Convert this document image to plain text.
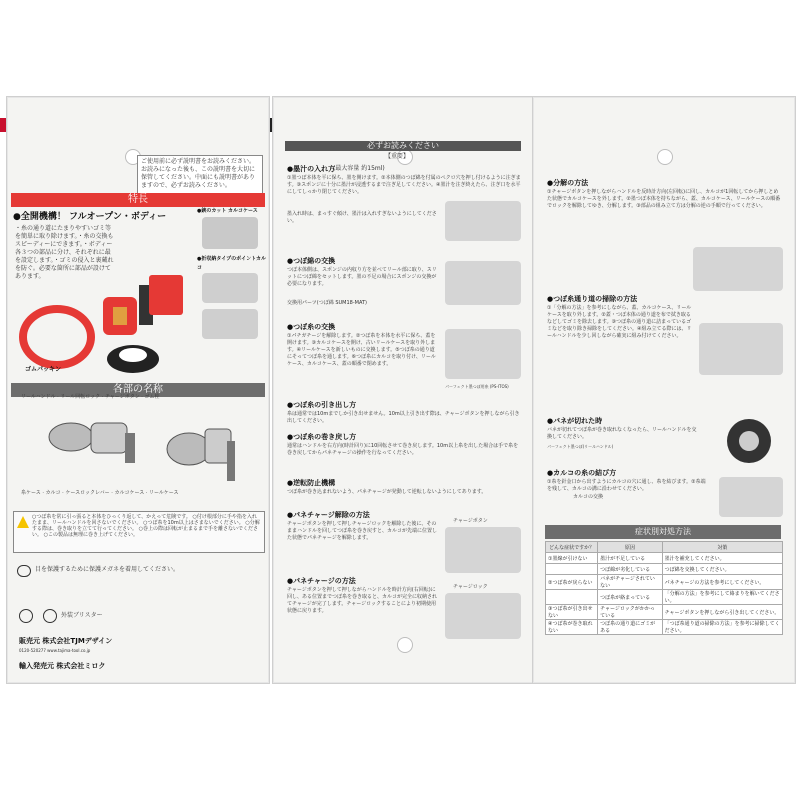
ご使用前に必ず説明書をお読みください。お読みになった後も、この説明書を大切に保管してください。中面にも説明書がありますので、必ずお読みください。
特長
●全開機構！ フルオープン・ボディー
・糸の通り道にたまりやすいゴミ等を簡単に取り除けます。・糸の交換もスピーディーにできます。・ボディー各３つの部品に分け、それぞれに最を設定します。・ゴミの侵入と裏蔵れを防ぐ。必要な箇所に部品が設けてあります。
●鋏のカット カルコケース
●折収納タイプのボイントカルコ
ゴムパッキン
各部の名称
リールハンドル · リール回転ロック · チャージボタン · ゴム栓
糸ケース · カルコ · ケースロックレバー · カルコケース · リールケース
○つぼ糸を常に引っ張ると本体をひっくり返して、かえって危険です。 ○付け根部分に手や指を入れたまま、リールハンドルを回さないでください。 ○つぼ糸を10m以上はさまないでください。 ○分解する際は、巻き取りを立てて行ってください。 ○巻上の際は回転が止まるまで手を離さないでください。 ○この製品は無理に巻き上げてください。
目を保護するために保護メガネを着用してください。
外装ブリスター
販売元 株式会社TJMデザイン
0120-520277 www.tajima-tool.co.jp
輸入発売元 株式会社ミロク
必ずお読みください
【重要】
●墨汁の入れ方
(最大容量 約15ml)
①墨つぼ本体を平に保ち、墨を開けます。②本体側のつぼ綿を付属のペクロ穴を押し付けるように注ぎます。③スポンジに十分に墨汁が浸透するまで注ぎ足してください。④墨汁を注ぎ終えたら、注ぎ口を水平にしてしっかり閉じてください。
墨入れ時は、まっすぐ傾け、墨汁は入れすぎないようにしてください。
●つぼ綿の交換
つぼ本体側は、スポンジの内収り方を並べてリール部に取り、スリットにつぼ綿をセットします。墨の不足の場合にスポンジの交換が必要になります。
交換用パーツ(つぼ綿 SUM18-MAT)
●つぼ糸の交換
①パチガチージを解除します。②つぼ糸を本体を水平に保ち、蓋を開けます。③カルコケースを開け、古いリールケースを取り外します。④リールケースを新しいものに交換します。⑤つぼ糸の通り道にそってつぼ糸を通します。⑥つぼ糸にカルコを取り付け、リールケース、カルコケース、蓋の順番で閉めます。
パーフェクト墨つぼ用糸 (PS-ITOS)
●つぼ糸の引き出し方
糸は通常では10mまでしか引き出せません。10m以上引き出す際は、チャージボタンを押しながら引き出してください。
●つぼ糸の巻き戻し方
通常はハンドルを右方向(時計回り)に10回転させて巻き戻します。10m以上糸を出した場合は手で糸を巻き戻してからパネチャージの操作を行なってください。
●逆転防止機構
つぼ糸が巻き込まれないよう、パネチャージが発動して逆転しないようにしてあります。
●パネチャージ解除の方法
チャージボタンを押して押しチャージロックを解除した後に、そのままハンドルを回してつぼ糸を巻き戻すと、カルコが先端に位置した状態でパネチャージを解除します。
チャージボタン
●パネチャージの方法
チャージボタンを押して押しながらハンドルを時計方向(右回転)に回し、ある位置までつぼ糸を巻き取ると、カルコが完全に収納されてチャージが完了します。チャージロックすることにより初期使用状態に戻ります。
チャージロック
●分解の方法
①チャージボタンを押しながらハンドルを反時計方向(左回転)に回し、カルコが1回転してから押しとめた状態でカルコケースを外します。②墨つぼ本体を持ちながら、蓋、カルコケース、リールケースの順番でロックを解除してゆき、分解します。③部品の組み立て方は分解の逆の手順で行ってください。
●つぼ糸通り道の掃除の方法
①「分解の方法」を参考にしながら、蓋、カルコケース、リールケースを取り外します。②蓋・つぼ本体の通り道を布で拭き取るなどしてゴミを除去します。③つぼ糸の通り道に詰まっているゴミなどを取り除き掃除をしてください。④組み立てる際には、リールハンドルを少し回しながら確実に組み付けてください。
●バネが切れた時
バネが切れてつぼ糸が巻き取れなくなったら、リールハンドルを交換してください。
パーフェクト墨つぼ(リールハンドル)
●カルコの糸の結び方
①糸を針金口から出すようにカルコの穴に通し、糸を結びます。②糸端を残して、カルコの溝に沿わせてください。
カルコの交換
症状別対処方法
どんな症状ですか？	原因	対策
①墨線が引けない	墨汁が不足している	墨汁を補充してください。
	つぼ綿が劣化している	つぼ綿を交換してください。
②つぼ糸が戻らない	バネがチャージされていない	パネチャージの方法を参考にしてください。
	つぼ糸が絡まっている	「分解の方法」を参考にして絡まりを解いてください。
③つぼ糸が引き出せない	チャージロックがかかっている	チャージボタンを押しながら引き出してください。
④つぼ糸が巻き取れない	つぼ糸の通り道にゴミがある	「つぼ糸通り道の掃除の方法」を参考に掃除してください。
